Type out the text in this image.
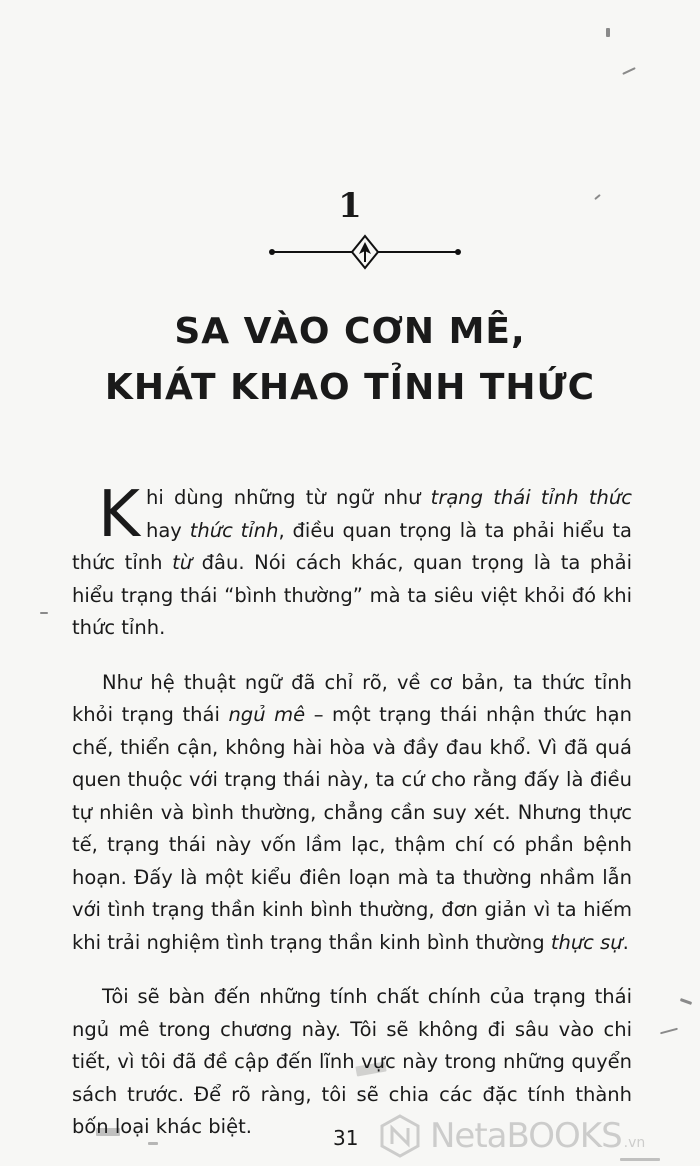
1
SA VÀO CƠN MÊ,
KHÁT KHAO TỈNH THỨC

Khi dùng những từ ngữ như trạng thái tỉnh thức hay thức tỉnh, điều quan trọng là ta phải hiểu ta thức tỉnh từ đâu. Nói cách khác, quan trọng là ta phải hiểu trạng thái “bình thường” mà ta siêu việt khỏi đó khi thức tỉnh.

Như hệ thuật ngữ đã chỉ rõ, về cơ bản, ta thức tỉnh khỏi trạng thái ngủ mê – một trạng thái nhận thức hạn chế, thiển cận, không hài hòa và đầy đau khổ. Vì đã quá quen thuộc với trạng thái này, ta cứ cho rằng đấy là điều tự nhiên và bình thường, chẳng cần suy xét. Nhưng thực tế, trạng thái này vốn lầm lạc, thậm chí có phần bệnh hoạn. Đấy là một kiểu điên loạn mà ta thường nhầm lẫn với tình trạng thần kinh bình thường, đơn giản vì ta hiếm khi trải nghiệm tình trạng thần kinh bình thường thực sự.

Tôi sẽ bàn đến những tính chất chính của trạng thái ngủ mê trong chương này. Tôi sẽ không đi sâu vào chi tiết, vì tôi đã đề cập đến lĩnh vực này trong những quyển sách trước. Để rõ ràng, tôi sẽ chia các đặc tính thành bốn loại khác biệt.	31 NetaBOOKS .vn
